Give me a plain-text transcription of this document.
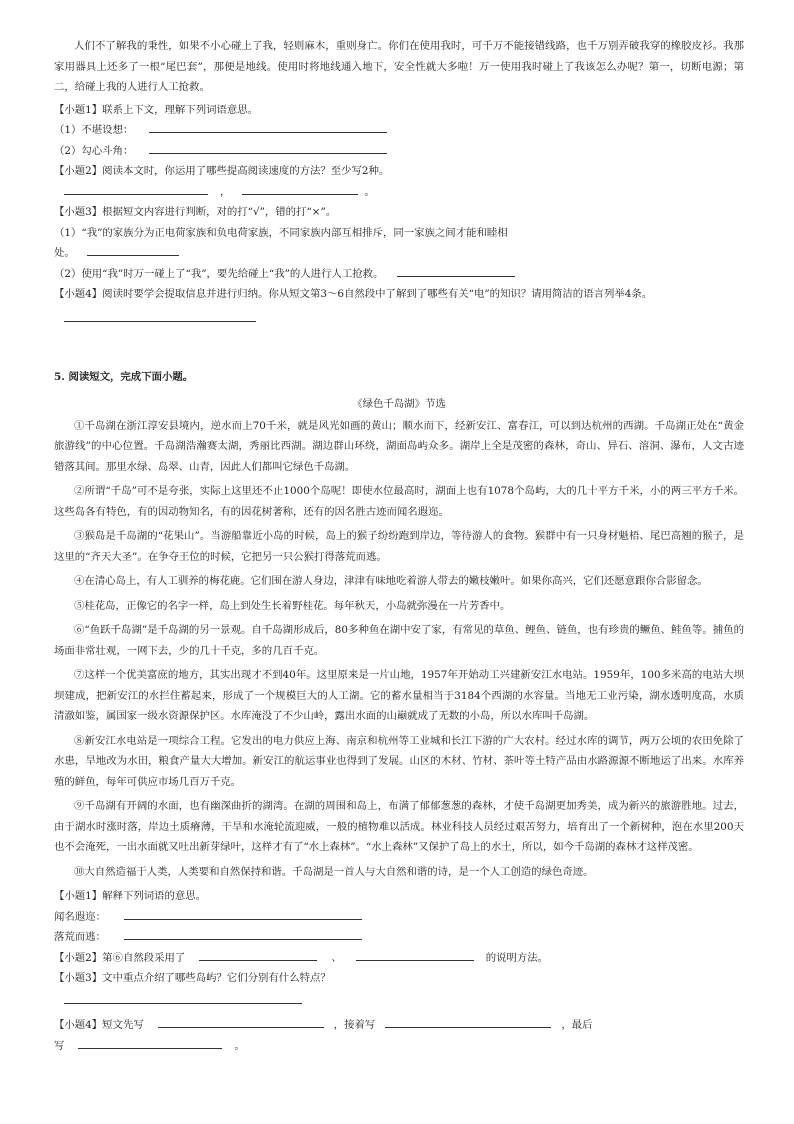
人们不了解我的秉性，如果不小心碰上了我，轻则麻木，重则身亡。你们在使用我时，可千万不能接错线路，也千万别弄破我穿的橡胶皮衫。我那家用器具上还多了一根“尾巴套”，那便是地线。使用时将地线通入地下，安全性就大多啦！万一使用我时碰上了我该怎么办呢？第一，切断电源；第二，给碰上我的人进行人工抢救。

【小题1】联系上下文，理解下列词语意思。

（1）不堪设想：

（2）勾心斗角：

【小题2】阅读本文时，你运用了哪些提高阅读速度的方法？至少写2种。

，	。

【小题3】根据短文内容进行判断，对的打“√”，错的打“×”。

（1）“我”的家族分为正电荷家族和负电荷家族，不同家族内部互相排斥，同一家族之间才能和睦相

处。

（2）使用“我”时万一碰上了“我”，要先给碰上“我”的人进行人工抢救。

【小题4】阅读时要学会提取信息并进行归纳。你从短文第3～6自然段中了解到了哪些有关“电”的知识？请用简洁的语言列举4条。

5. 阅读短文，完成下面小题。

《绿色千岛湖》节选

①千岛湖在浙江淳安县境内，逆水而上70千米，就是风光如画的黄山；顺水而下，经新安江、富春江，可以到达杭州的西湖。千岛湖正处在“黄金旅游线”的中心位置。千岛湖浩瀚赛太湖，秀丽比西湖。湖边群山环绕，湖面岛屿众多。湖岸上全是茂密的森林，奇山、异石、溶洞、瀑布，人文古迹错落其间。那里水绿、岛翠、山青，因此人们都叫它绿色千岛湖。

②所谓“千岛”可不是夸张，实际上这里还不止1000个岛呢！即使水位最高时，湖面上也有1078个岛屿，大的几十平方千米，小的两三平方千米。这些岛各有特色，有的因动物知名，有的因花树著称，还有的因名胜古迹而闻名遐迩。

③猴岛是千岛湖的“花果山”。当游船靠近小岛的时候，岛上的猴子纷纷跑到岸边，等待游人的食物。猴群中有一只身材魁梧、尾巴高翘的猴子，是这里的“齐天大圣”。在争夺王位的时候，它把另一只公猴打得落荒而逃。

④在清心岛上，有人工驯养的梅花鹿。它们围在游人身边，津津有味地吃着游人带去的嫩枝嫩叶。如果你高兴，它们还愿意跟你合影留念。

⑤桂花岛，正像它的名字一样，岛上到处生长着野桂花。每年秋天，小岛就弥漫在一片芳香中。

⑥“鱼跃千岛湖”是千岛湖的另一景观。自千岛湖形成后，80多种鱼在湖中安了家，有常见的草鱼、鲤鱼、链鱼，也有珍贵的鳜鱼、鲑鱼等。捕鱼的场面非常壮观，一网下去，少的几十千克，多的几百千克。

⑦这样一个优美富庶的地方，其实出现才不到40年。这里原来是一片山地，1957年开始动工兴建新安江水电站。1959年，100多米高的电站大坝坝建成，把新安江的水拦住蓄起来，形成了一个规模巨大的人工湖。它的蓄水量相当于3184个西湖的水容量。当地无工业污染，湖水透明度高，水质清澈如鉴，属国家一级水资源保护区。水库淹没了不少山岭，露出水面的山巅就成了无数的小岛，所以水库叫千岛湖。

⑧新安江水电站是一项综合工程。它发出的电力供应上海、南京和杭州等工业城和长江下游的广大农村。经过水库的调节，两万公顷的农田免除了水患，旱地改为水田，粮食产量大大增加。新安江的航运事业也得到了发展。山区的木材、竹材、茶叶等土特产品由水路源源不断地运了出来。水库养殖的鲜鱼，每年可供应市场几百万千克。

⑨千岛湖有开阔的水面，也有幽深曲折的湖湾。在湖的周围和岛上，布满了郁郁葱葱的森林，才使千岛湖更加秀美，成为新兴的旅游胜地。过去，由于湖水时涨时落，岸边土质瘠薄，干旱和水淹轮流迎威，一般的植物难以活成。林业科技人员经过艰苦努力，培育出了一个新树种，泡在水里200天也不会淹死，一出水面就又吐出新芽绿叶，这样才有了“水上森林”。“水上森林”又保护了岛上的水土，所以，如今千岛湖的森林才这样茂密。

⑩大自然造福于人类，人类要和自然保持和谐。千岛湖是一首人与大自然和谐的诗，是一个人工创造的绿色奇迹。

【小题1】解释下列词语的意思。

闻名遐迩：

落荒而逃：

【小题2】第⑥自然段采用了	、	的说明方法。

【小题3】文中重点介绍了哪些岛屿？它们分别有什么特点？

【小题4】短文先写	，接着写	，最后

写	。
